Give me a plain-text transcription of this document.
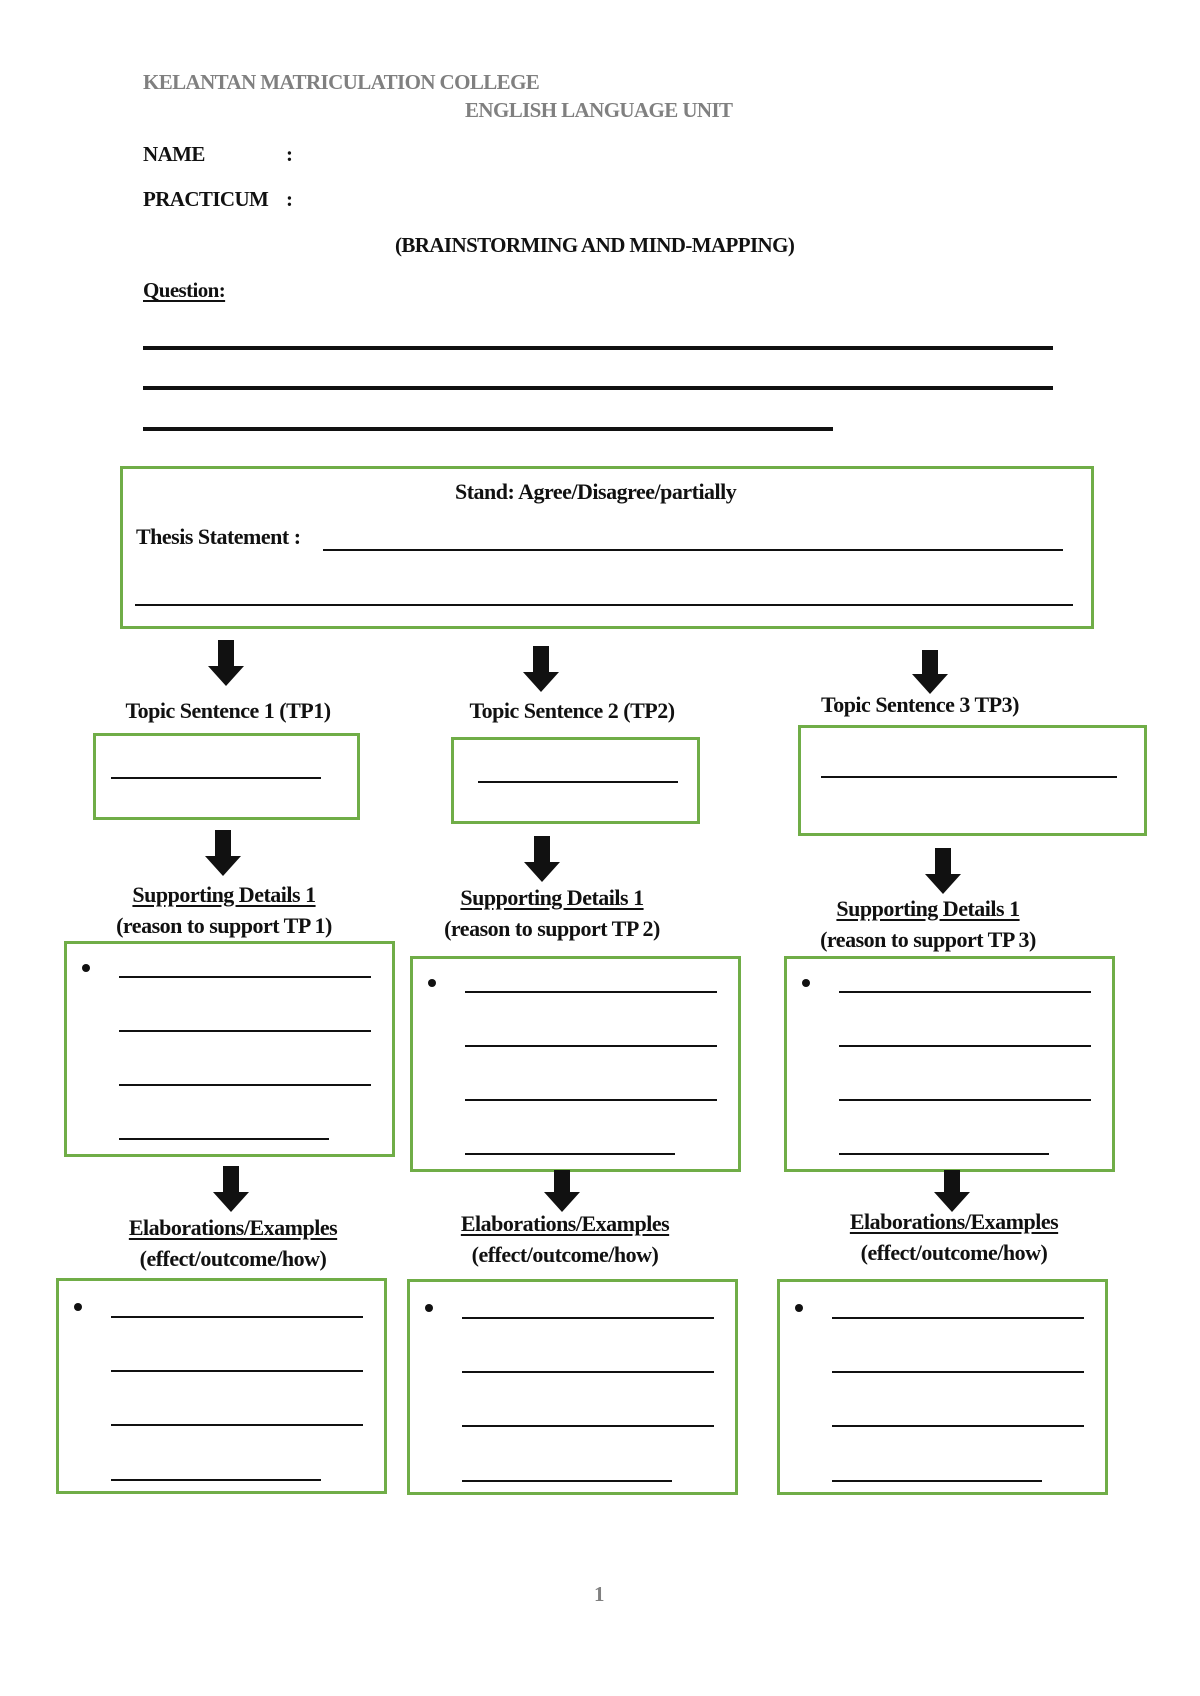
KELANTAN MATRICULATION COLLEGE
ENGLISH LANGUAGE UNIT
NAME	:
PRACTICUM :
(BRAINSTORMING AND MIND-MAPPING)
Question:
Stand: Agree/Disagree/partially
Thesis Statement :
Topic Sentence 1 (TP1)
Supporting Details 1
(reason to support TP 1)
Elaborations/Examples
(effect/outcome/how)
Topic Sentence 2 (TP2)
Supporting Details 1
(reason to support TP 2)
Elaborations/Examples
(effect/outcome/how)
Topic Sentence 3 TP3)
Supporting Details 1
(reason to support TP 3)
Elaborations/Examples
(effect/outcome/how)
1
